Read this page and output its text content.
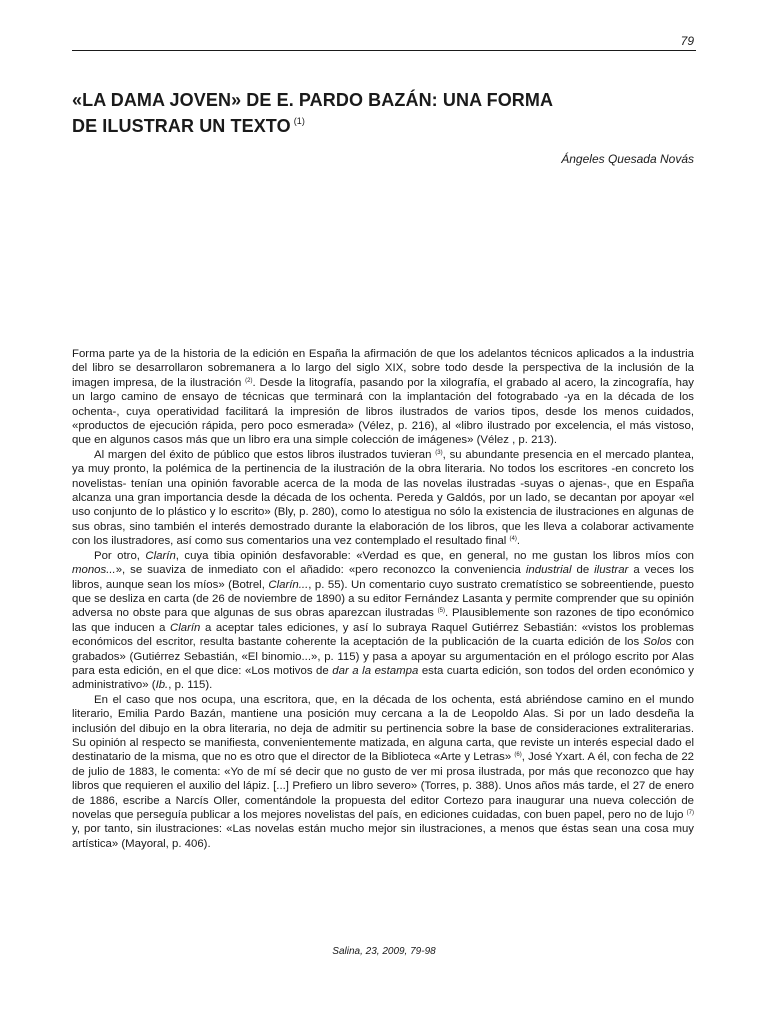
79
«LA DAMA JOVEN» DE E. PARDO BAZÁN: UNA FORMA
DE ILUSTRAR UN TEXTO $^{(1)}$
Ángeles Quesada Novás

Forma parte ya de la historia de la edición en España la afirmación de que los adelantos técnicos aplicados a la industria del libro se desarrollaron sobremanera a lo largo del siglo XIX, sobre todo desde la perspectiva de la inclusión de la imagen impresa, de la ilustración $^{(2)}$. Desde la litografía, pasando por la xilografía, el grabado al acero, la zincografía, hay un largo camino de ensayo de técnicas que terminará con la implantación del fotograbado -ya en la década de los ochenta-, cuya operatividad facilitará la impresión de libros ilustrados de varios tipos, desde los menos cuidados, «productos de ejecución rápida, pero poco esmerada» (Vélez, p. 216), al «libro ilustrado por excelencia, el más vistoso, que en algunos casos más que un libro era una simple colección de imágenes» (Vélez , p. 213).

Al margen del éxito de público que estos libros ilustrados tuvieran $^{(3)}$, su abundante presencia en el mercado plantea, ya muy pronto, la polémica de la pertinencia de la ilustración de la obra literaria. No todos los escritores -en concreto los novelistas- tenían una opinión favorable acerca de la moda de las novelas ilustradas -suyas o ajenas-, que en España alcanza una gran importancia desde la década de los ochenta. Pereda y Galdós, por un lado, se decantan por apoyar «el uso conjunto de lo plástico y lo escrito» (Bly, p. 280), como lo atestigua no sólo la existencia de ilustraciones en algunas de sus obras, sino también el interés demostrado durante la elaboración de los libros, que les lleva a colaborar activamente con los ilustradores, así como sus comentarios una vez contemplado el resultado final $^{(4)}$.

Por otro, Clarín, cuya tibia opinión desfavorable: «Verdad es que, en general, no me gustan los libros míos con monos...», se suaviza de inmediato con el añadido: «pero reconozco la conveniencia industrial de ilustrar a veces los libros, aunque sean los míos» (Botrel, Clarín..., p. 55). Un comentario cuyo sustrato crematístico se sobreentiende, puesto que se desliza en carta (de 26 de noviembre de 1890) a su editor Fernández Lasanta y permite comprender que su opinión adversa no obste para que algunas de sus obras aparezcan ilustradas $^{(5)}$. Plausiblemente son razones de tipo económico las que inducen a Clarín a aceptar tales ediciones, y así lo subraya Raquel Gutiérrez Sebastián: «vistos los problemas económicos del escritor, resulta bastante coherente la aceptación de la publicación de la cuarta edición de los Solos con grabados» (Gutiérrez Sebastián, «El binomio...», p. 115) y pasa a apoyar su argumentación en el prólogo escrito por Alas para esta edición, en el que dice: «Los motivos de dar a la estampa esta cuarta edición, son todos del orden económico y administrativo» (Ib., p. 115).

En el caso que nos ocupa, una escritora, que, en la década de los ochenta, está abriéndose camino en el mundo literario, Emilia Pardo Bazán, mantiene una posición muy cercana a la de Leopoldo Alas. Si por un lado desdeña la inclusión del dibujo en la obra literaria, no deja de admitir su pertinencia sobre la base de consideraciones extraliterarias. Su opinión al respecto se manifiesta, convenientemente matizada, en alguna carta, que reviste un interés especial dado el destinatario de la misma, que no es otro que el director de la Biblioteca «Arte y Letras» $^{(6)}$, José Yxart. A él, con fecha de 22 de julio de 1883, le comenta: «Yo de mí sé decir que no gusto de ver mi prosa ilustrada, por más que reconozco que hay libros que requieren el auxilio del lápiz. [...] Prefiero un libro severo» (Torres, p. 388). Unos años más tarde, el 27 de enero de 1886, escribe a Narcís Oller, comentándole la propuesta del editor Cortezo para inaugurar una nueva colección de novelas que perseguía publicar a los mejores novelistas del país, en ediciones cuidadas, con buen papel, pero no de lujo $^{(7)}$ y, por tanto, sin ilustraciones: «Las novelas están mucho mejor sin ilustraciones, a menos que éstas sean una cosa muy artística» (Mayoral, p. 406).

Salina, 23, 2009, 79-98
